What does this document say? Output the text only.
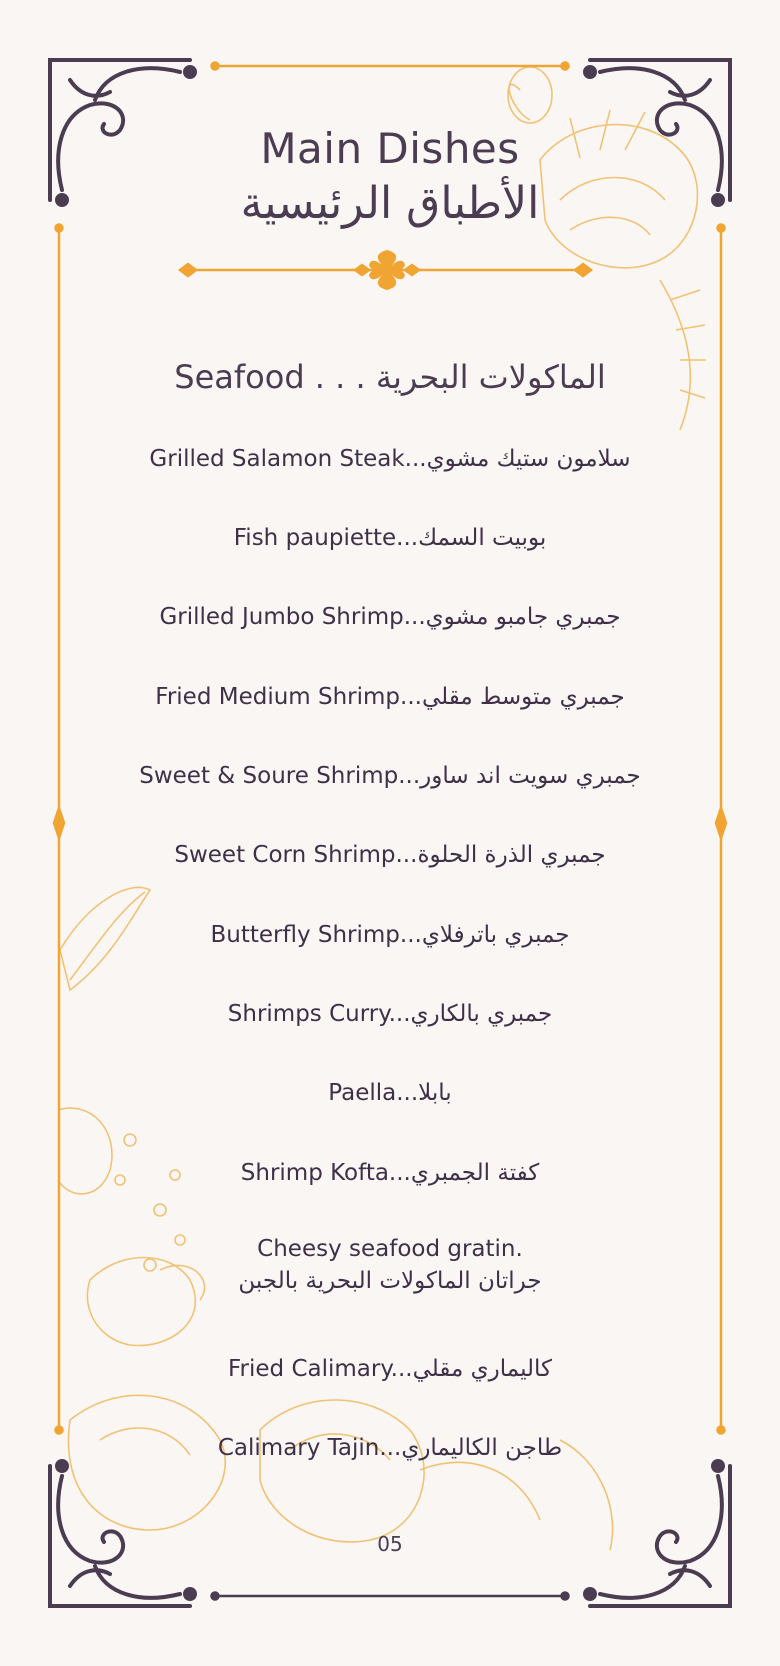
Main Dishes
الأطباق الرئيسية
Seafood . . . الماكولات البحرية
Grilled Salamon Steak...سلامون ستيك مشوي
Fish paupiette...بوبيت السمك
Grilled Jumbo Shrimp...جمبري جامبو مشوي
Fried Medium Shrimp...جمبري متوسط مقلي
Sweet & Soure Shrimp...جمبري سويت اند ساور
Sweet Corn Shrimp...جمبري الذرة الحلوة
Butterfly Shrimp...جمبري باترفلاي
Shrimps Curry...جمبري بالكاري
Paella...بابلا
Shrimp Kofta...كفتة الجمبري
Cheesy seafood gratin.
جراتان الماكولات البحرية بالجبن
Fried Calimary...كاليماري مقلي
Calimary Tajin...طاجن الكاليماري
05
